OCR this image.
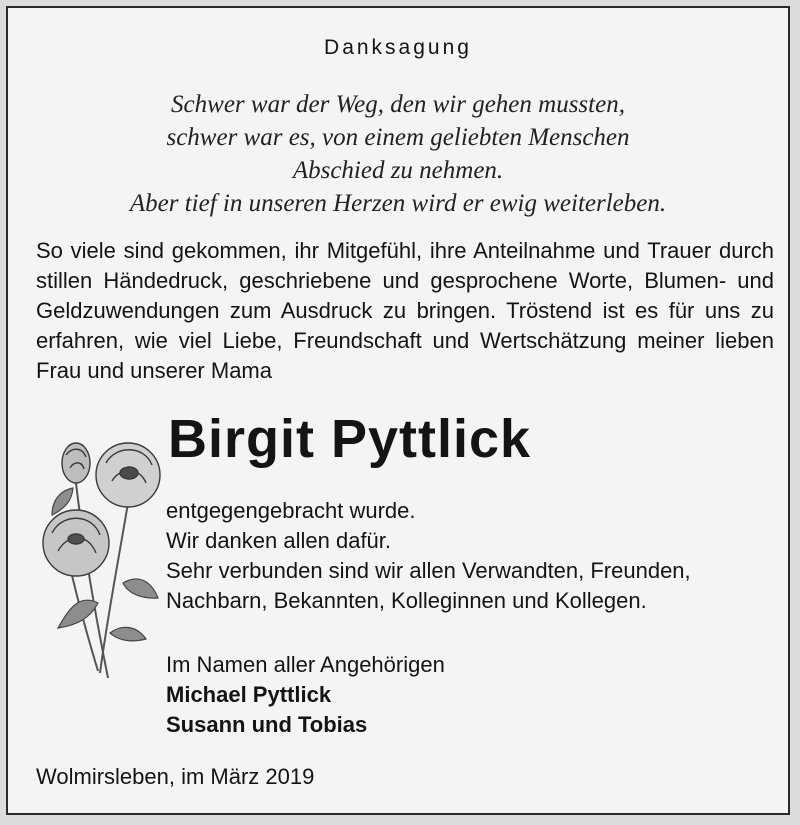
Danksagung
Schwer war der Weg, den wir gehen mussten,
schwer war es, von einem geliebten Menschen
Abschied zu nehmen.
Aber tief in unseren Herzen wird er ewig weiterleben.
So viele sind gekommen, ihr Mitgefühl, ihre Anteilnahme und Trauer durch stillen Händedruck, geschriebene und gesprochene Worte, Blumen- und Geldzuwendungen zum Ausdruck zu bringen. Tröstend ist es für uns zu erfahren, wie viel Liebe, Freundschaft und Wertschätzung meiner lieben Frau und unserer Mama
Birgit Pyttlick
entgegengebracht wurde.
Wir danken allen dafür.
Sehr verbunden sind wir allen Verwandten, Freunden,
Nachbarn, Bekannten, Kolleginnen und Kollegen.
Im Namen aller Angehörigen
Michael Pyttlick
Susann und Tobias
Wolmirsleben, im März 2019
